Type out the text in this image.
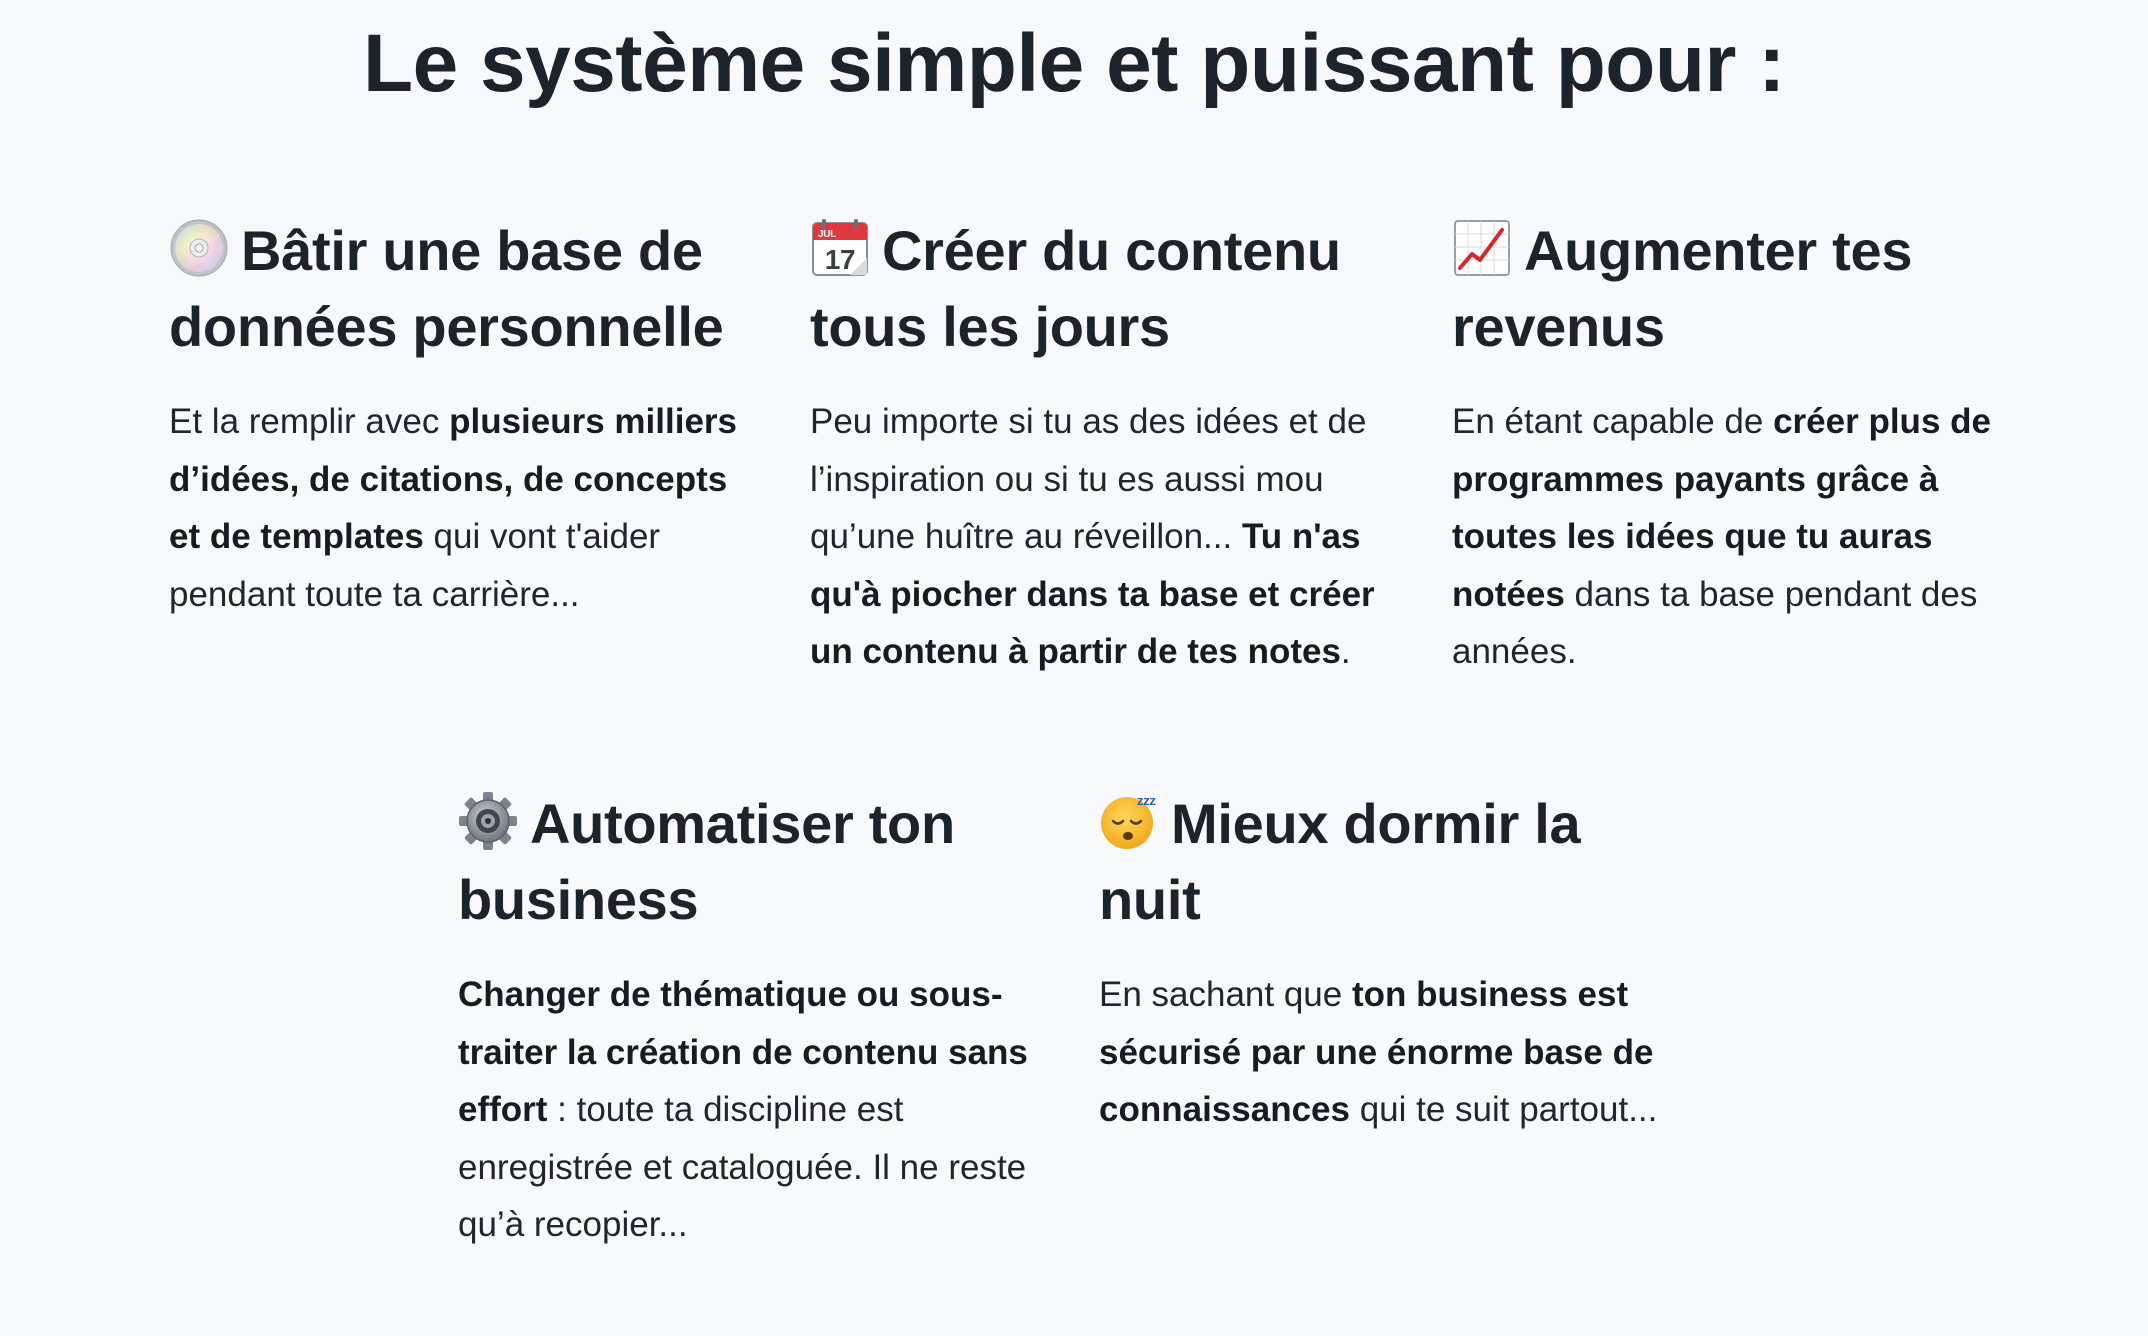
Le système simple et puissant pour :
Bâtir une base de données personnelle

Et la remplir avec plusieurs milliers d’idées, de citations, de concepts et de templates qui vont t'aider pendant toute ta carrière...

JUL
17 Créer du contenu tous les jours

Peu importe si tu as des idées et de l’inspiration ou si tu es aussi mou qu’une huître au réveillon... Tu n'as qu'à piocher dans ta base et créer un contenu à partir de tes notes.

Augmenter tes revenus

En étant capable de créer plus de programmes payants grâce à toutes les idées que tu auras notées dans ta base pendant des années.

Automatiser ton business

Changer de thématique ou sous-traiter la création de contenu sans effort : toute ta discipline est enregistrée et cataloguée. Il ne reste qu’à recopier...

zzz Mieux dormir la nuit

En sachant que ton business est sécurisé par une énorme base de connaissances qui te suit partout...
